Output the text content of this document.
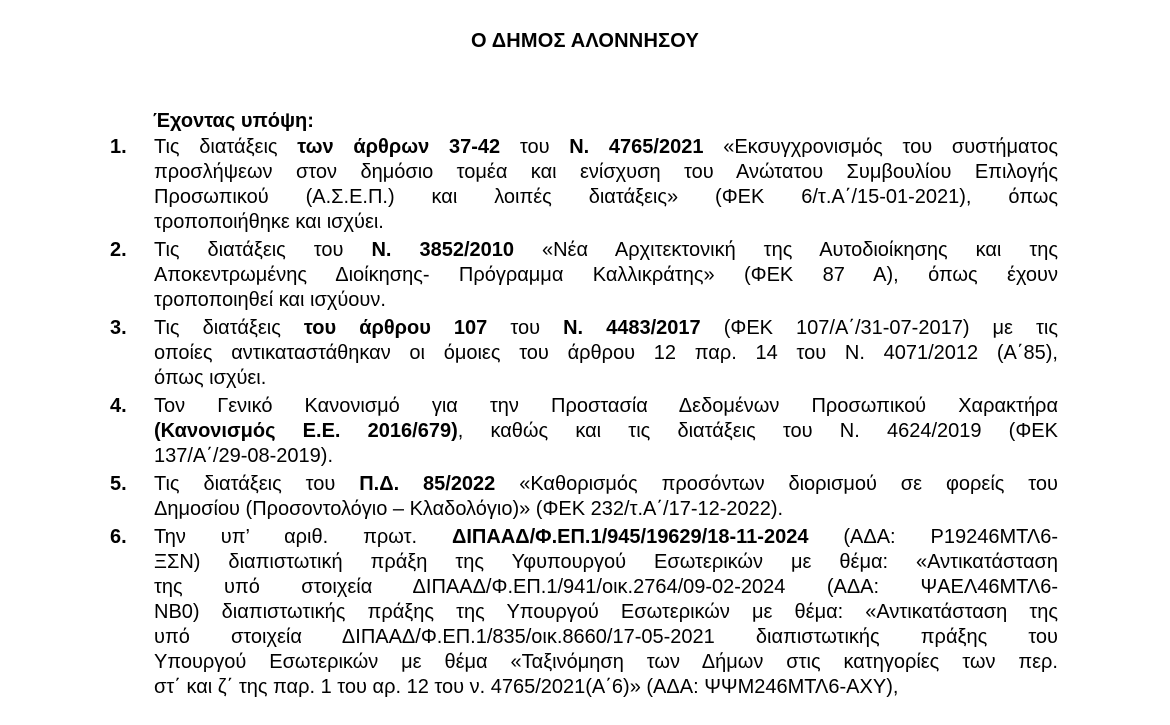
Ο ΔΗΜΟΣ ΑΛΟΝΝΗΣΟΥ
Έχοντας υπόψη:
1. Τις διατάξεις των άρθρων 37-42 του Ν. 4765/2021 «Εκσυγχρονισμός του συστήματος
προσλήψεων στον δημόσιο τομέα και ενίσχυση του Ανώτατου Συμβουλίου Επιλογής
Προσωπικού (Α.Σ.Ε.Π.) και λοιπές διατάξεις» (ΦΕΚ 6/τ.Α΄/15-01-2021), όπως
τροποποιήθηκε και ισχύει.
2. Τις διατάξεις του Ν. 3852/2010 «Νέα Αρχιτεκτονική της Αυτοδιοίκησης και της
Αποκεντρωμένης Διοίκησης- Πρόγραμμα Καλλικράτης» (ΦΕΚ 87 Α), όπως έχουν
τροποποιηθεί και ισχύουν.
3. Τις διατάξεις του άρθρου 107 του Ν. 4483/2017 (ΦΕΚ 107/Α΄/31-07-2017) με τις
οποίες αντικαταστάθηκαν οι όμοιες του άρθρου 12 παρ. 14 του Ν. 4071/2012 (Α΄85),
όπως ισχύει.
4. Τον Γενικό Κανονισμό για την Προστασία Δεδομένων Προσωπικού Χαρακτήρα
(Κανονισμός Ε.Ε. 2016/679), καθώς και τις διατάξεις του Ν. 4624/2019 (ΦΕΚ
137/Α΄/29-08-2019).
5. Τις διατάξεις του Π.Δ. 85/2022 «Καθορισμός προσόντων διορισμού σε φορείς του
Δημοσίου (Προσοντολόγιο – Κλαδολόγιο)» (ΦΕΚ 232/τ.Α΄/17-12-2022).
6. Την υπ’ αριθ. πρωτ. ΔΙΠΑΑΔ/Φ.ΕΠ.1/945/19629/18-11-2024 (ΑΔΑ: Ρ19246ΜΤΛ6-
ΞΣΝ) διαπιστωτική πράξη της Υφυπουργού Εσωτερικών με θέμα: «Αντικατάσταση
της υπό στοιχεία ΔΙΠΑΑΔ/Φ.ΕΠ.1/941/οικ.2764/09-02-2024 (ΑΔΑ: ΨΑΕΛ46ΜΤΛ6-
ΝΒ0) διαπιστωτικής πράξης της Υπουργού Εσωτερικών με θέμα: «Αντικατάσταση της
υπό στοιχεία ΔΙΠΑΑΔ/Φ.ΕΠ.1/835/οικ.8660/17-05-2021 διαπιστωτικής πράξης του
Υπουργού Εσωτερικών με θέμα «Ταξινόμηση των Δήμων στις κατηγορίες των περ.
στ΄ και ζ΄ της παρ. 1 του αρ. 12 του ν. 4765/2021(Α΄6)» (ΑΔΑ: ΨΨΜ246ΜΤΛ6-ΑΧΥ),
